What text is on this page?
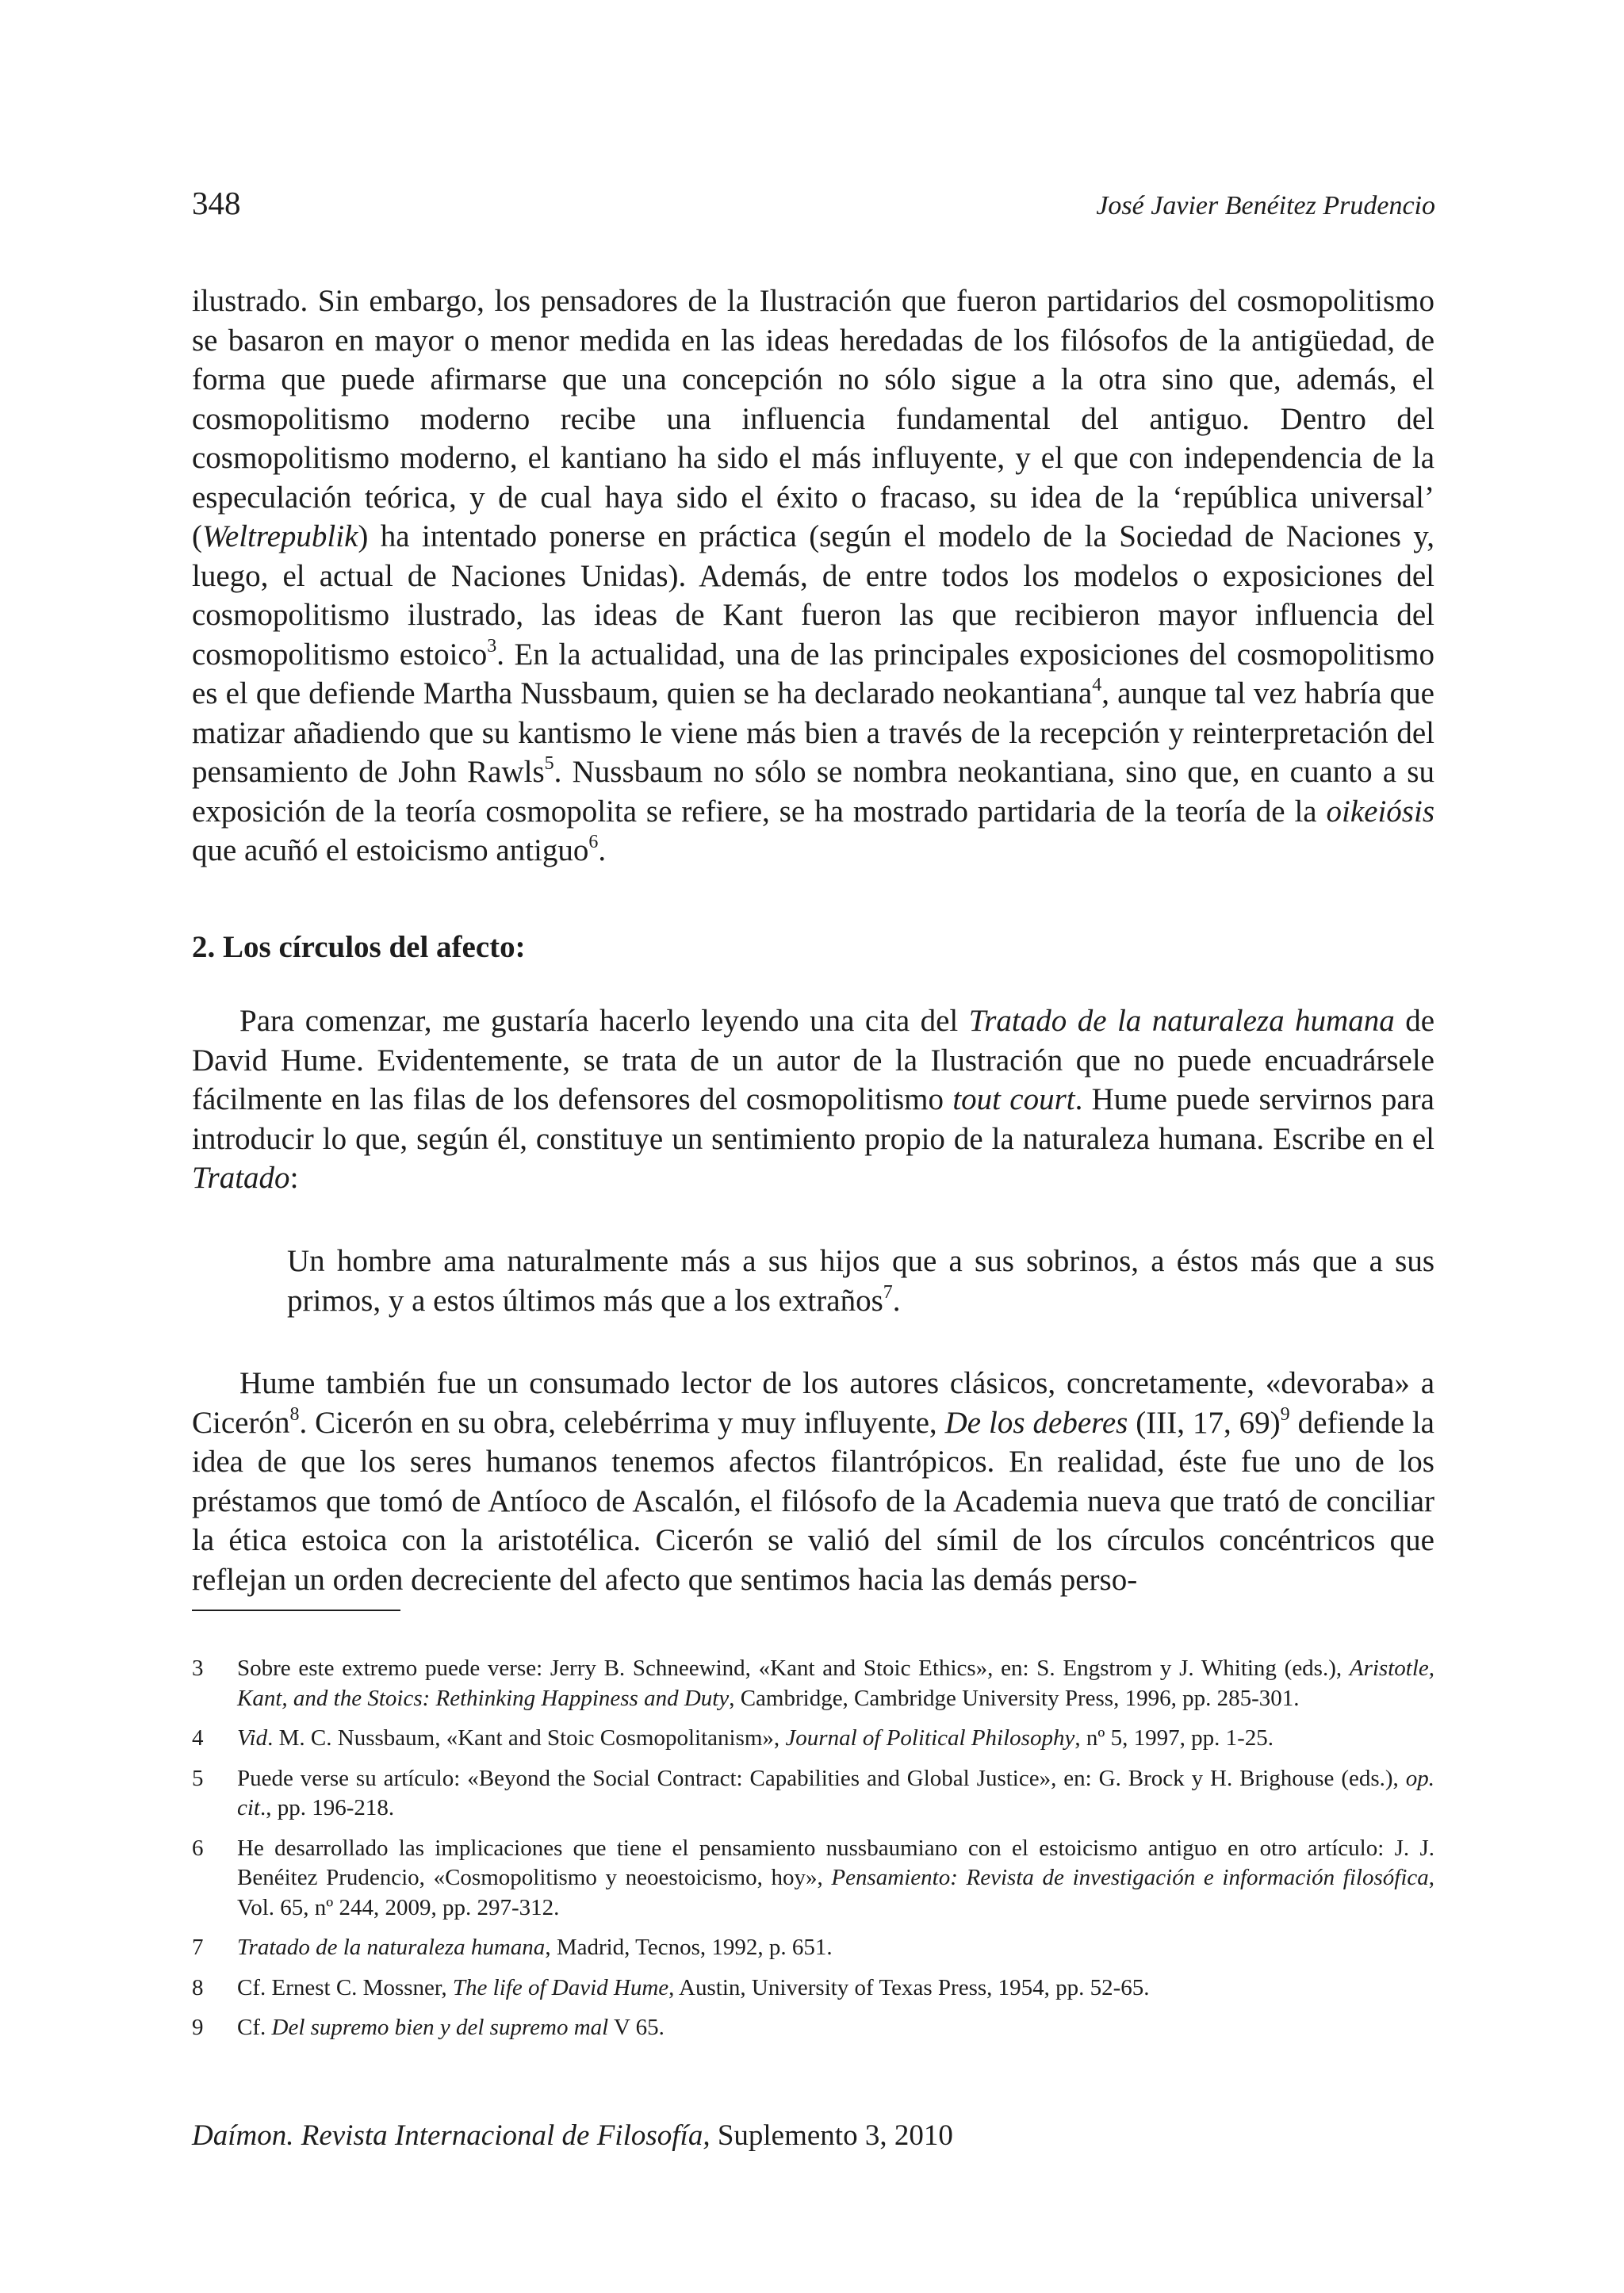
348	José Javier Benéitez Prudencio

ilustrado. Sin embargo, los pensadores de la Ilustración que fueron partidarios del cosmopolitismo se basaron en mayor o menor medida en las ideas heredadas de los filósofos de la antigüedad, de forma que puede afirmarse que una concepción no sólo sigue a la otra sino que, además, el cosmopolitismo moderno recibe una influencia fundamental del antiguo. Dentro del cosmopolitismo moderno, el kantiano ha sido el más influyente, y el que con independencia de la especulación teórica, y de cual haya sido el éxito o fracaso, su idea de la ‘república universal’ (Weltrepublik) ha intentado ponerse en práctica (según el modelo de la Sociedad de Naciones y, luego, el actual de Naciones Unidas). Además, de entre todos los modelos o exposiciones del cosmopolitismo ilustrado, las ideas de Kant fueron las que recibieron mayor influencia del cosmopolitismo estoico$^3$. En la actualidad, una de las principales exposiciones del cosmopolitismo es el que defiende Martha Nussbaum, quien se ha declarado neokantiana$^4$, aunque tal vez habría que matizar añadiendo que su kantismo le viene más bien a través de la recepción y reinterpretación del pensamiento de John Rawls$^5$. Nussbaum no sólo se nombra neokantiana, sino que, en cuanto a su exposición de la teoría cosmopolita se refiere, se ha mostrado partidaria de la teoría de la oikeiósis que acuñó el estoicismo antiguo$^6$.

2. Los círculos del afecto:

Para comenzar, me gustaría hacerlo leyendo una cita del Tratado de la naturaleza humana de David Hume. Evidentemente, se trata de un autor de la Ilustración que no puede encuadrársele fácilmente en las filas de los defensores del cosmopolitismo tout court. Hume puede servirnos para introducir lo que, según él, constituye un sentimiento propio de la naturaleza humana. Escribe en el Tratado:

Un hombre ama naturalmente más a sus hijos que a sus sobrinos, a éstos más que a sus primos, y a estos últimos más que a los extraños$^7$.

Hume también fue un consumado lector de los autores clásicos, concretamente, «devoraba» a Cicerón$^8$. Cicerón en su obra, celebérrima y muy influyente, De los deberes (III, 17, 69)$^9$ defiende la idea de que los seres humanos tenemos afectos filantrópicos. En realidad, éste fue uno de los préstamos que tomó de Antíoco de Ascalón, el filósofo de la Academia nueva que trató de conciliar la ética estoica con la aristotélica. Cicerón se valió del símil de los círculos concéntricos que reflejan un orden decreciente del afecto que sentimos hacia las demás perso-

3	Sobre este extremo puede verse: Jerry B. Schneewind, «Kant and Stoic Ethics», en: S. Engstrom y J. Whiting (eds.), Aristotle, Kant, and the Stoics: Rethinking Happiness and Duty, Cambridge, Cambridge University Press, 1996, pp. 285-301.
4	Vid. M. C. Nussbaum, «Kant and Stoic Cosmopolitanism», Journal of Political Philosophy, nº 5, 1997, pp. 1-25.
5	Puede verse su artículo: «Beyond the Social Contract: Capabilities and Global Justice», en: G. Brock y H. Brighouse (eds.), op. cit., pp. 196-218.
6	He desarrollado las implicaciones que tiene el pensamiento nussbaumiano con el estoicismo antiguo en otro artículo: J. J. Benéitez Prudencio, «Cosmopolitismo y neoestoicismo, hoy», Pensamiento: Revista de investigación e información filosófica, Vol. 65, nº 244, 2009, pp. 297-312.
7	Tratado de la naturaleza humana, Madrid, Tecnos, 1992, p. 651.
8	Cf. Ernest C. Mossner, The life of David Hume, Austin, University of Texas Press, 1954, pp. 52-65.
9	Cf. Del supremo bien y del supremo mal V 65.
Daímon. Revista Internacional de Filosofía, Suplemento 3, 2010
